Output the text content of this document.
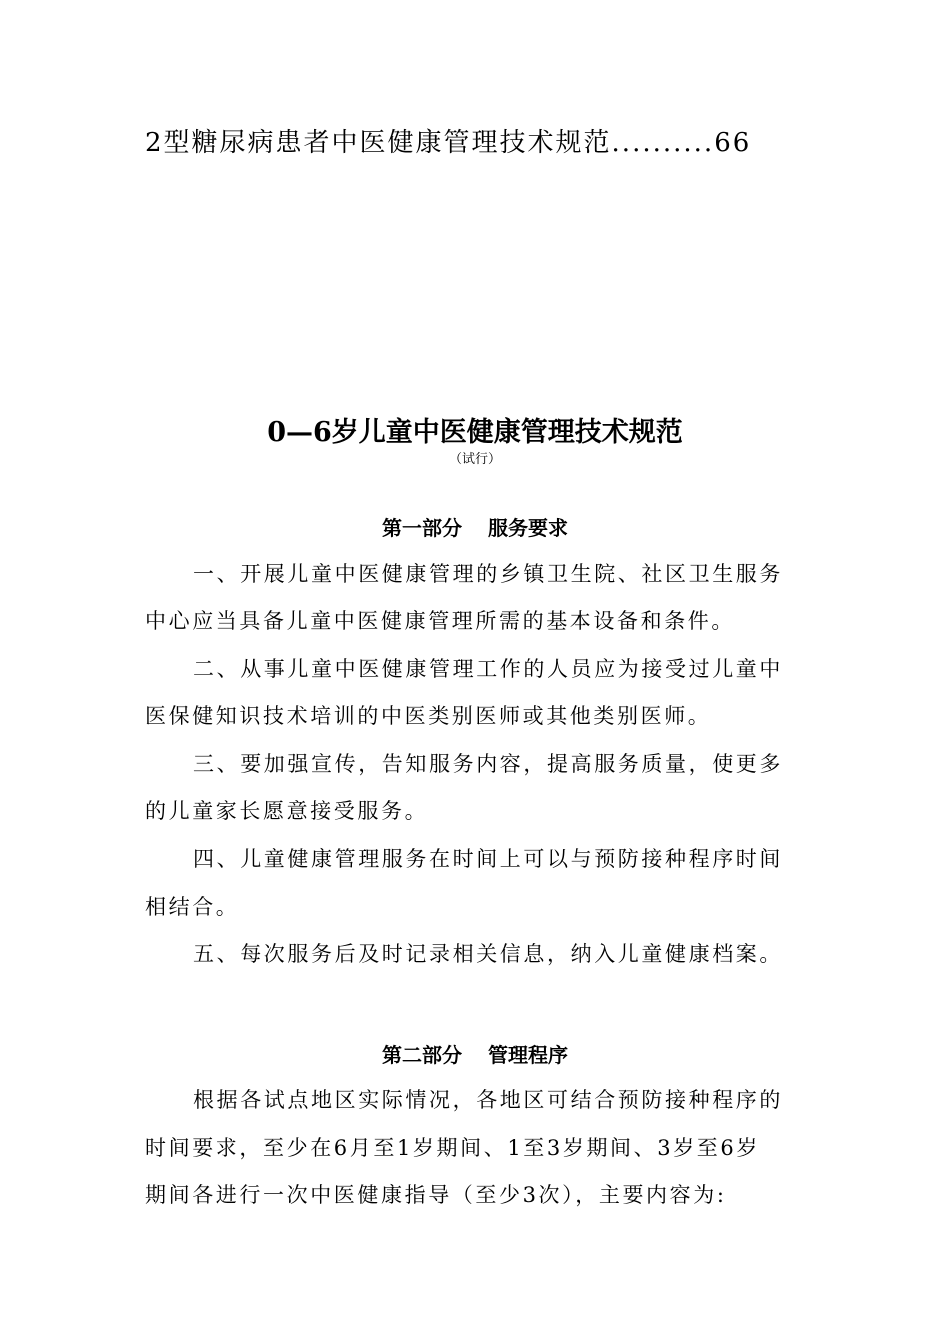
2型糖尿病患者中医健康管理技术规范..........66
0—6岁儿童中医健康管理技术规范
（试行）
第一部分 服务要求
一、开展儿童中医健康管理的乡镇卫生院、社区卫生服务
中心应当具备儿童中医健康管理所需的基本设备和条件。
二、从事儿童中医健康管理工作的人员应为接受过儿童中
医保健知识技术培训的中医类别医师或其他类别医师。
三、要加强宣传，告知服务内容，提高服务质量，使更多
的儿童家长愿意接受服务。
四、儿童健康管理服务在时间上可以与预防接种程序时间
相结合。
五、每次服务后及时记录相关信息，纳入儿童健康档案。
第二部分 管理程序
根据各试点地区实际情况，各地区可结合预防接种程序的
时间要求，至少在6月至1岁期间、1至3岁期间、3岁至6岁
期间各进行一次中医健康指导（至少3次），主要内容为:
